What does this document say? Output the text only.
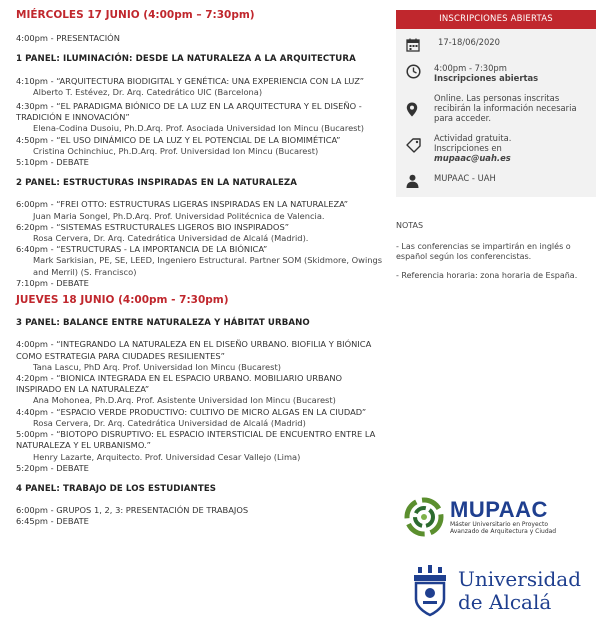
MIÉRCOLES 17 JUNIO (4:00pm – 7:30pm)
4:00pm - PRESENTACIÓN
1 PANEL: ILUMINACIÓN: DESDE LA NATURALEZA A LA ARQUITECTURA
4:10pm - “ARQUITECTURA BIODIGITAL Y GENÉTICA: UNA EXPERIENCIA CON LA LUZ”
Alberto T. Estévez, Dr. Arq. Catedrático UIC (Barcelona)
4:30pm - “EL PARADIGMA BIÓNICO DE LA LUZ EN LA ARQUITECTURA Y EL DISEÑO -TRADICIÓN E INNOVACIÓN”
Elena-Codina Dusoiu, Ph.D.Arq. Prof. Asociada Universidad Ion Mincu (Bucarest)
4:50pm - “EL USO DINÁMICO DE LA LUZ Y EL POTENCIAL DE LA BIOMIMÉTICA”
Cristina Ochinchiuc, Ph.D.Arq. Prof. Universidad Ion Mincu (Bucarest)
5:10pm - DEBATE
2 PANEL: ESTRUCTURAS INSPIRADAS EN LA NATURALEZA
6:00pm - “FREI OTTO: ESTRUCTURAS LIGERAS INSPIRADAS EN LA NATURALEZA”
Juan Maria Songel, Ph.D.Arq. Prof. Universidad Politécnica de Valencia.
6:20pm - “SISTEMAS ESTRUCTURALES LIGEROS BIO INSPIRADOS”
Rosa Cervera, Dr. Arq. Catedrática Universidad de Alcalá (Madrid).
6:40pm - “ESTRUCTURAS - LA IMPORTANCIA DE LA BIÓNICA”
Mark Sarkisian, PE, SE, LEED, Ingeniero Estructural. Partner SOM (Skidmore, Owings and Merril) (S. Francisco)
7:10pm - DEBATE
JUEVES 18 JUNIO (4:00pm - 7:30pm)
3 PANEL: BALANCE ENTRE NATURALEZA Y HÁBITAT URBANO
4:00pm - “INTEGRANDO LA NATURALEZA EN EL DISEÑO URBANO. BIOFILIA Y BIÓNICA COMO ESTRATEGIA PARA CIUDADES RESILIENTES”
Tana Lascu, PhD Arq. Prof. Universidad Ion Mincu (Bucarest)
4:20pm - “BIONICA INTEGRADA EN EL ESPACIO URBANO. MOBILIARIO URBANO INSPIRADO EN LA NATURALEZA”
Ana Mohonea, Ph.D.Arq. Prof. Asistente Universidad Ion Mincu (Bucarest)
4:40pm - “ESPACIO VERDE PRODUCTIVO: CULTIVO DE MICRO ALGAS EN LA CIUDAD”
Rosa Cervera, Dr. Arq. Catedrática Universidad de Alcalá (Madrid)
5:00pm - “BIOTOPO DISRUPTIVO: EL ESPACIO INTERSTICIAL DE ENCUENTRO ENTRE LA NATURALEZA Y EL URBANISMO.”
Henry Lazarte, Arquitecto. Prof. Universidad Cesar Vallejo (Lima)
5:20pm - DEBATE
4 PANEL: TRABAJO DE LOS ESTUDIANTES
6:00pm - GRUPOS 1, 2, 3: PRESENTACIÓN DE TRABAJOS
6:45pm - DEBATE
INSCRIPCIONES ABIERTAS
17-18/06/2020
4:00pm - 7:30pm
Inscripciones abiertas
Online. Las personas inscritas recibirán la información necesaria para acceder.
Actividad gratuita.
Inscripciones en
mupaac@uah.es
MUPAAC - UAH
NOTAS

- Las conferencias se impartirán en inglés o español según los conferencistas.

- Referencia horaria: zona horaria de España.

MUPAAC
Máster Universitario en Proyecto
Avanzado de Arquitectura y Ciudad
Universidad
de Alcalá
